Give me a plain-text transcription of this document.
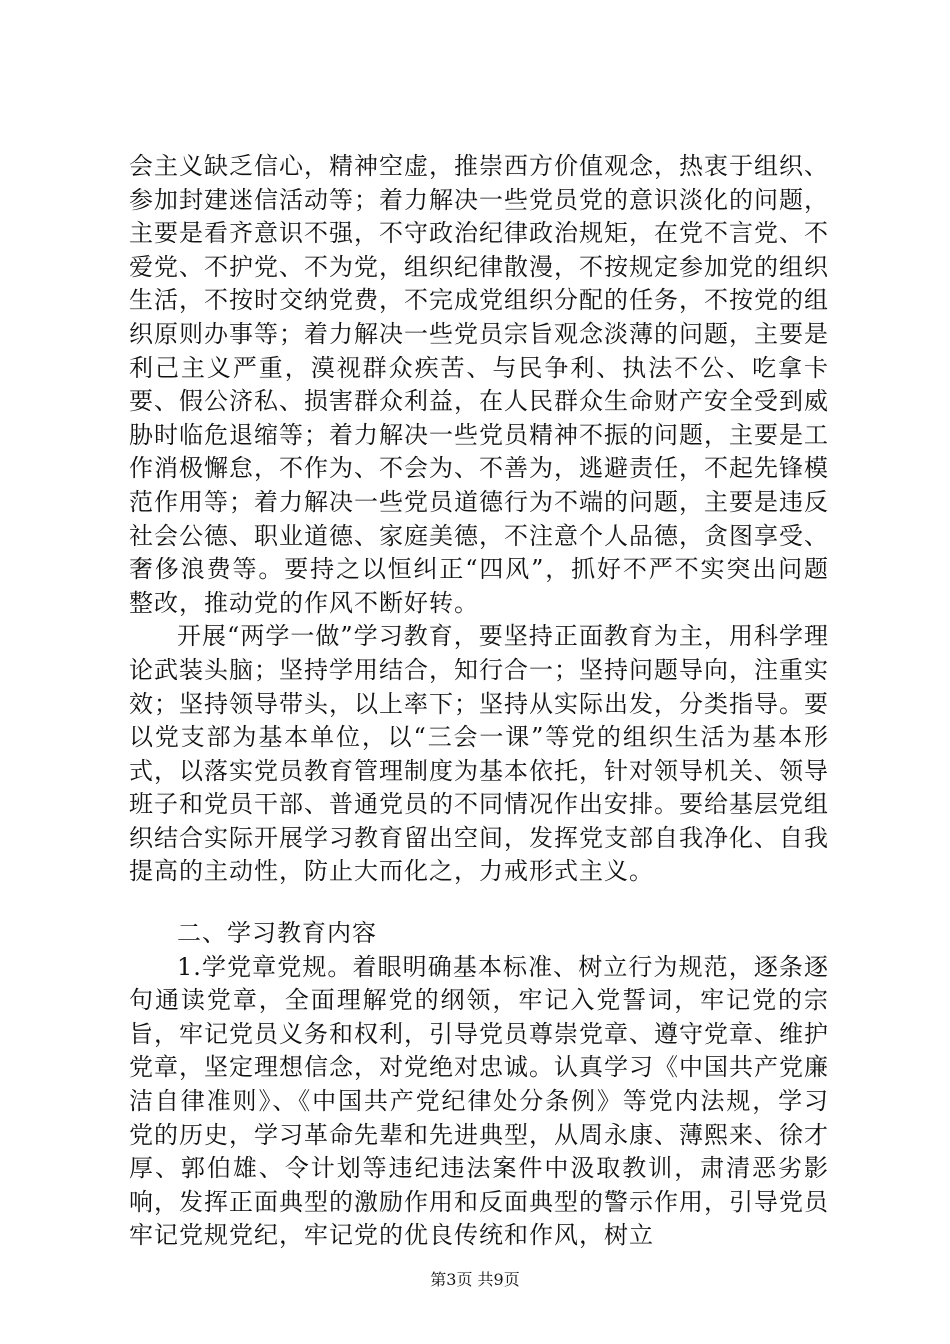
会主义缺乏信心，精神空虚，推崇西方价值观念，热衷于组织、参加封建迷信活动等；着力解决一些党员党的意识淡化的问题，主要是看齐意识不强，不守政治纪律政治规矩，在党不言党、不爱党、不护党、不为党，组织纪律散漫，不按规定参加党的组织生活，不按时交纳党费，不完成党组织分配的任务，不按党的组织原则办事等；着力解决一些党员宗旨观念淡薄的问题，主要是利己主义严重，漠视群众疾苦、与民争利、执法不公、吃拿卡要、假公济私、损害群众利益，在人民群众生命财产安全受到威胁时临危退缩等；着力解决一些党员精神不振的问题，主要是工作消极懈怠，不作为、不会为、不善为，逃避责任，不起先锋模范作用等；着力解决一些党员道德行为不端的问题，主要是违反社会公德、职业道德、家庭美德，不注意个人品德，贪图享受、奢侈浪费等。要持之以恒纠正“四风”，抓好不严不实突出问题整改，推动党的作风不断好转。

开展“两学一做”学习教育，要坚持正面教育为主，用科学理论武装头脑；坚持学用结合，知行合一；坚持问题导向，注重实效；坚持领导带头，以上率下；坚持从实际出发，分类指导。要以党支部为基本单位，以“三会一课”等党的组织生活为基本形式，以落实党员教育管理制度为基本依托，针对领导机关、领导班子和党员干部、普通党员的不同情况作出安排。要给基层党组织结合实际开展学习教育留出空间，发挥党支部自我净化、自我提高的主动性，防止大而化之，力戒形式主义。

二、学习教育内容

1.学党章党规。着眼明确基本标准、树立行为规范，逐条逐句通读党章，全面理解党的纲领，牢记入党誓词，牢记党的宗旨，牢记党员义务和权利，引导党员尊崇党章、遵守党章、维护党章，坚定理想信念，对党绝对忠诚。认真学习《中国共产党廉洁自律准则》、《中国共产党纪律处分条例》等党内法规，学习党的历史，学习革命先辈和先进典型，从周永康、薄熙来、徐才厚、郭伯雄、令计划等违纪违法案件中汲取教训，肃清恶劣影响，发挥正面典型的激励作用和反面典型的警示作用，引导党员牢记党规党纪，牢记党的优良传统和作风，树立

第3页 共9页
